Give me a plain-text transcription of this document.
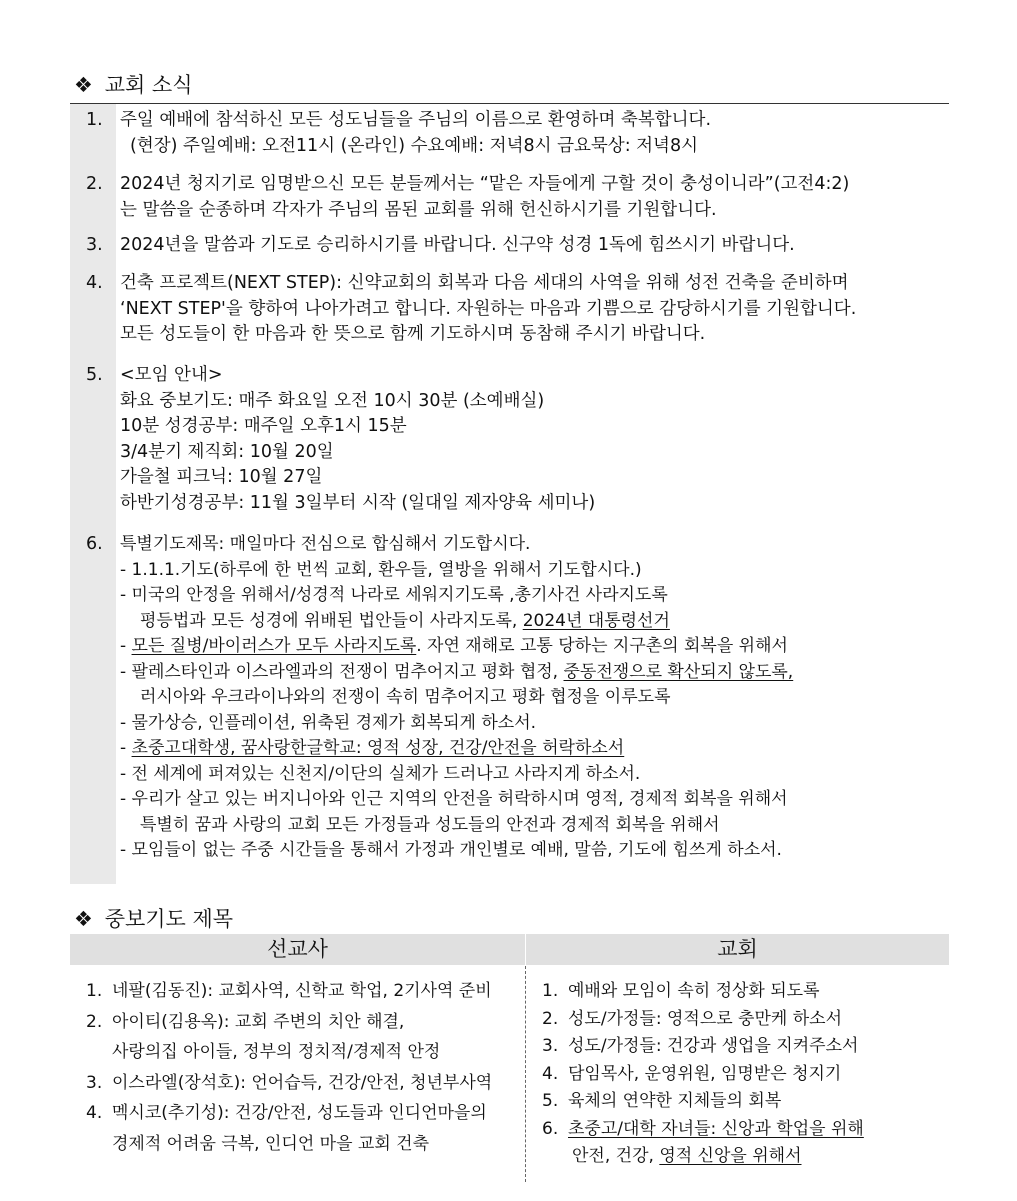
❖ 교회 소식
1. 주일 예배에 참석하신 모든 성도님들을 주님의 이름으로 환영하며 축복합니다.
(현장) 주일예배: 오전11시 (온라인) 수요예배: 저녁8시 금요묵상: 저녁8시
2. 2024년 청지기로 임명받으신 모든 분들께서는 “맡은 자들에게 구할 것이 충성이니라”(고전4:2)
는 말씀을 순종하며 각자가 주님의 몸된 교회를 위해 헌신하시기를 기원합니다.
3. 2024년을 말씀과 기도로 승리하시기를 바랍니다. 신구약 성경 1독에 힘쓰시기 바랍니다.
4. 건축 프로젝트(NEXT STEP): 신약교회의 회복과 다음 세대의 사역을 위해 성전 건축을 준비하며
‘NEXT STEP'을 향하여 나아가려고 합니다. 자원하는 마음과 기쁨으로 감당하시기를 기원합니다.
모든 성도들이 한 마음과 한 뜻으로 함께 기도하시며 동참해 주시기 바랍니다.
5. <모임 안내>
화요 중보기도: 매주 화요일 오전 10시 30분 (소예배실)
10분 성경공부: 매주일 오후1시 15분
3/4분기 제직회: 10월 20일
가을철 피크닉: 10월 27일
하반기성경공부: 11월 3일부터 시작 (일대일 제자양육 세미나)
6. 특별기도제목: 매일마다 전심으로 합심해서 기도합시다.
- 1.1.1.기도(하루에 한 번씩 교회, 환우들, 열방을 위해서 기도합시다.)
- 미국의 안정을 위해서/성경적 나라로 세워지기도록 ,총기사건 사라지도록
평등법과 모든 성경에 위배된 법안들이 사라지도록, 2024년 대통령선거
- 모든 질병/바이러스가 모두 사라지도록. 자연 재해로 고통 당하는 지구촌의 회복을 위해서
- 팔레스타인과 이스라엘과의 전쟁이 멈추어지고 평화 협정, 중동전쟁으로 확산되지 않도록,
러시아와 우크라이나와의 전쟁이 속히 멈추어지고 평화 협정을 이루도록
- 물가상승, 인플레이션, 위축된 경제가 회복되게 하소서.
- 초중고대학생, 꿈사랑한글학교: 영적 성장, 건강/안전을 허락하소서
- 전 세계에 퍼져있는 신천지/이단의 실체가 드러나고 사라지게 하소서.
- 우리가 살고 있는 버지니아와 인근 지역의 안전을 허락하시며 영적, 경제적 회복을 위해서
특별히 꿈과 사랑의 교회 모든 가정들과 성도들의 안전과 경제적 회복을 위해서
- 모임들이 없는 주중 시간들을 통해서 가정과 개인별로 예배, 말씀, 기도에 힘쓰게 하소서.
❖ 중보기도 제목
선교사	교회
1. 네팔(김동진): 교회사역, 신학교 학업, 2기사역 준비
2. 아이티(김용옥): 교회 주변의 치안 해결,
사랑의집 아이들, 정부의 정치적/경제적 안정
3. 이스라엘(장석호): 언어습득, 건강/안전, 청년부사역
4. 멕시코(추기성): 건강/안전, 성도들과 인디언마을의
경제적 어려움 극복, 인디언 마을 교회 건축
1. 예배와 모임이 속히 정상화 되도록
2. 성도/가정들: 영적으로 충만케 하소서
3. 성도/가정들: 건강과 생업을 지켜주소서
4. 담임목사, 운영위원, 임명받은 청지기
5. 육체의 연약한 지체들의 회복
6. 초중고/대학 자녀들: 신앙과 학업을 위해
안전, 건강, 영적 신앙을 위해서
